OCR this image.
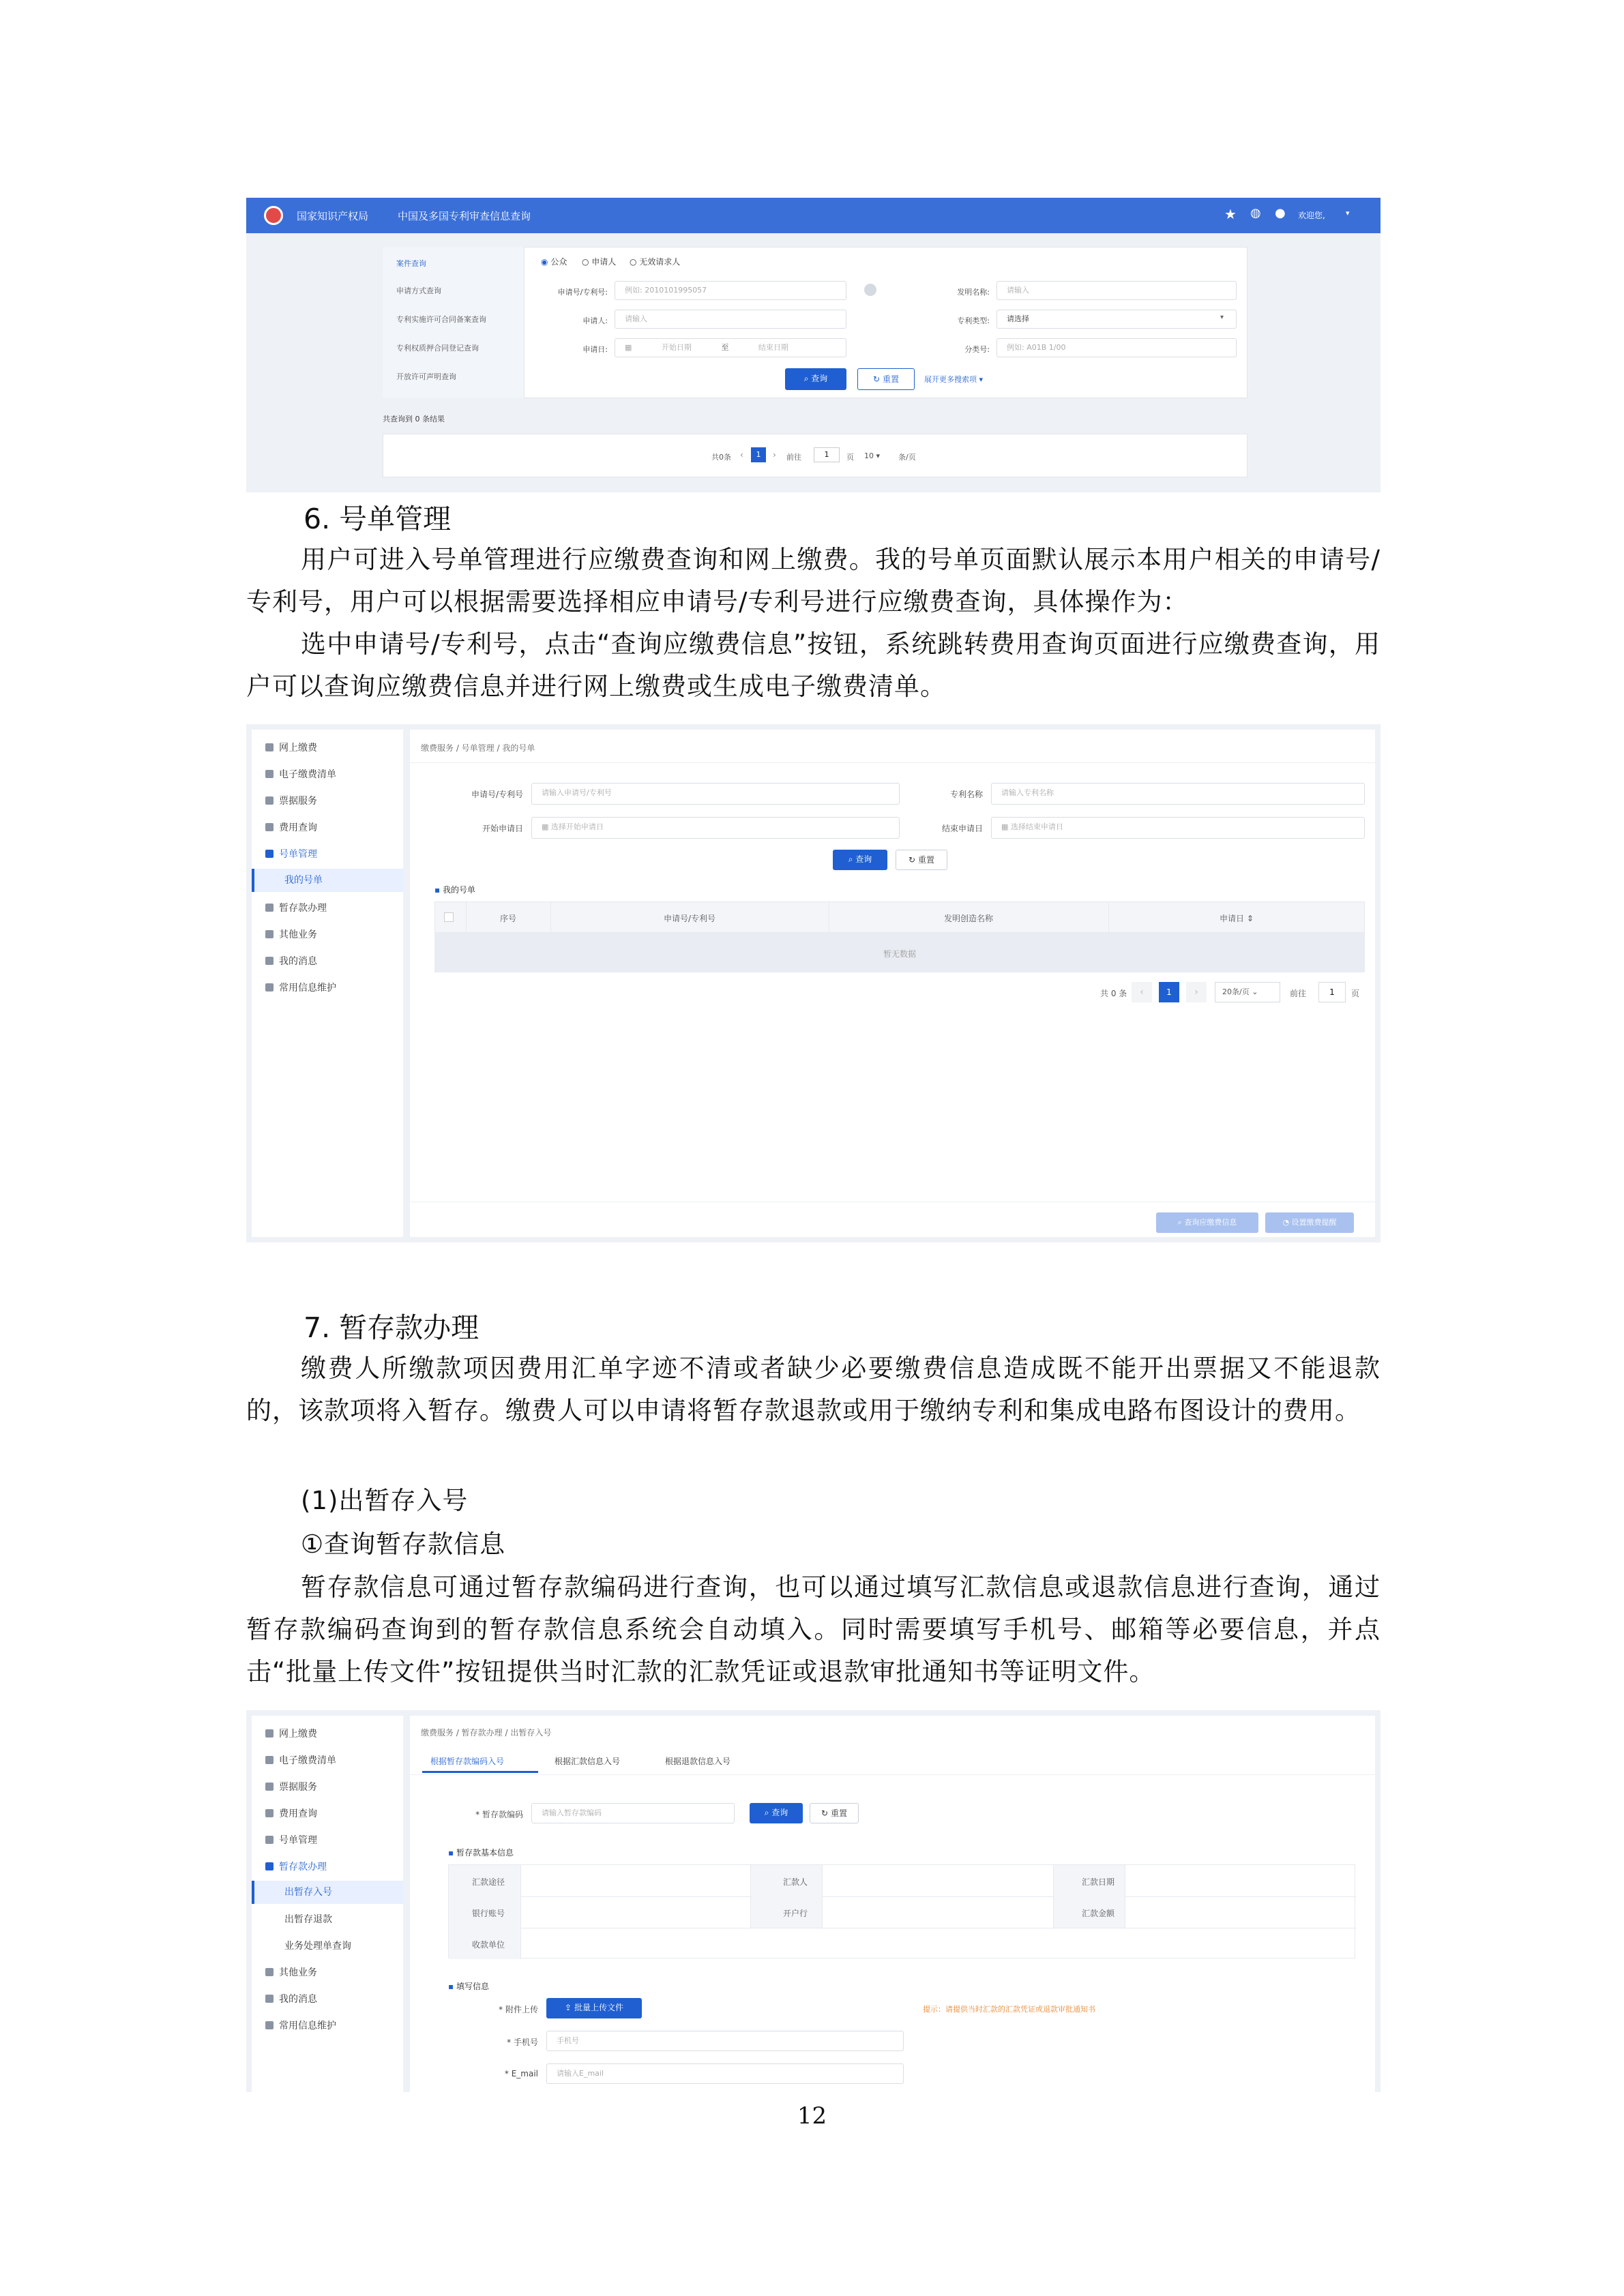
国家知识产权局	中国及多国专利审查信息查询	★ ◍ ● 欢迎您,	▾
案件查询
申请方式查询
专利实施许可合同备案查询
专利权质押合同登记查询
开放许可声明查询
◉ 公众 ○ 申请人 ○ 无效请求人
申请号/专利号:	例如: 2010101995057	发明名称:	请输入
申请人:	请输入	专利类型:	请选择	▾
申请日:	▦	开始日期	至	结束日期	分类号:	例如: A01B 1/00
⌕ 查询	↻ 重置	展开更多搜索项 ▾
共查询到 0 条结果
共0条 ‹	1	› 前往	1	页 10 ▾ 条/页
6. 号单管理
用户可进入号单管理进行应缴费查询和网上缴费。我的号单页面默认展示本用户相关的申请号/专利号，用户可以根据需要选择相应申请号/专利号进行应缴费查询，具体操作为：
选中申请号/专利号，点击“查询应缴费信息”按钮，系统跳转费用查询页面进行应缴费查询，用户可以查询应缴费信息并进行网上缴费或生成电子缴费清单。
网上缴费
电子缴费清单
票据服务
费用查询
号单管理
我的号单
暂存款办理
其他业务
我的消息
常用信息维护
缴费服务 / 号单管理 / 我的号单
申请号/专利号	请输入申请号/专利号	专利名称	请输入专利名称
开始申请日	▦ 选择开始申请日	结束申请日	▦ 选择结束申请日
⌕ 查询	↻ 重置
▪ 我的号单
序号	申请号/专利号	发明创造名称	申请日 ⇕
暂无数据
共 0 条	‹	1	›	20条/页 ⌄	前往	1	页
⌕ 查询应缴费信息	◔ 设置缴费提醒
7. 暂存款办理
缴费人所缴款项因费用汇单字迹不清或者缺少必要缴费信息造成既不能开出票据又不能退款的，该款项将入暂存。缴费人可以申请将暂存款退款或用于缴纳专利和集成电路布图设计的费用。
(1)出暂存入号
①查询暂存款信息
暂存款信息可通过暂存款编码进行查询，也可以通过填写汇款信息或退款信息进行查询，通过暂存款编码查询到的暂存款信息系统会自动填入。同时需要填写手机号、邮箱等必要信息，并点击“批量上传文件”按钮提供当时汇款的汇款凭证或退款审批通知书等证明文件。
网上缴费
电子缴费清单
票据服务
费用查询
号单管理
暂存款办理
出暂存入号
出暂存退款
业务处理单查询
其他业务
我的消息
常用信息维护
缴费服务 / 暂存款办理 / 出暂存入号
根据暂存款编码入号	根据汇款信息入号	根据退款信息入号
* 暂存款编码	请输入暂存款编码	⌕ 查询	↻ 重置
▪ 暂存款基本信息
汇款途径	汇款人	汇款日期
银行账号	开户行	汇款金额
收款单位
▪ 填写信息
* 附件上传	⇪ 批量上传文件	提示：请提供当时汇款的汇款凭证或退款审批通知书
* 手机号	手机号
* E_mail	请输入E_mail
12
